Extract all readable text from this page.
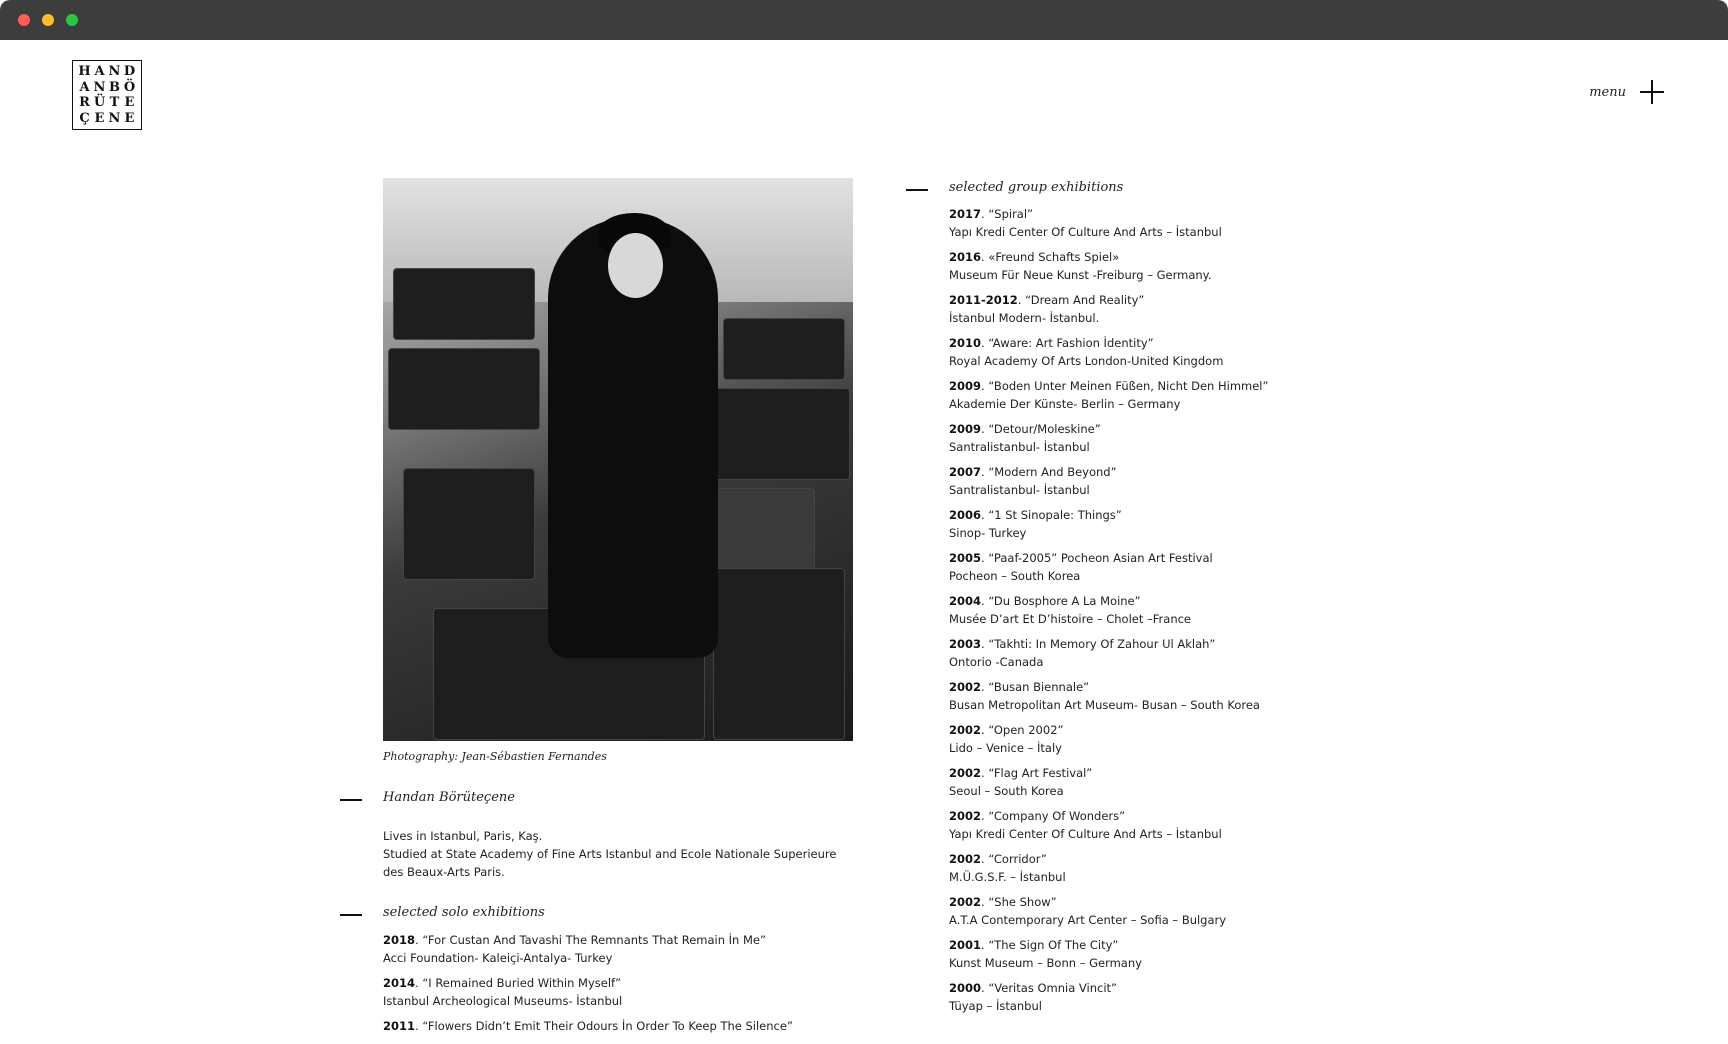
H A N D
A N B Ö
R Ü T E
Ç E N E
menu
Photography: Jean-Sébastien Fernandes
Handan Börüteçene

Lives in Istanbul, Paris, Kaş.

Studied at State Academy of Fine Arts Istanbul and Ecole Nationale Superieure des Beaux-Arts Paris.

selected solo exhibitions
2018. “For Custan And Tavashi The Remnants That Remain İn Me”
Acci Foundation- Kaleiçi-Antalya- Turkey
2014. “I Remained Buried Within Myself”
Istanbul Archeological Museums- İstanbul
2011. “Flowers Didn’t Emit Their Odours İn Order To Keep The Silence”
selected group exhibitions
2017. “Spiral”
Yapı Kredi Center Of Culture And Arts – İstanbul
2016. «Freund Schafts Spiel»
Museum Für Neue Kunst -Freiburg – Germany.
2011-2012. “Dream And Reality”
İstanbul Modern- İstanbul.
2010. “Aware: Art Fashion İdentity”
Royal Academy Of Arts London-United Kingdom
2009. “Boden Unter Meinen Füßen, Nicht Den Himmel”
Akademie Der Künste- Berlin – Germany
2009. “Detour/Moleskine”
Santralistanbul- İstanbul
2007. “Modern And Beyond”
Santralistanbul- İstanbul
2006. “1 St Sinopale: Things”
Sinop- Turkey
2005. “Paaf-2005” Pocheon Asian Art Festival
Pocheon – South Korea
2004. “Du Bosphore A La Moine”
Musée D’art Et D’histoire – Cholet –France
2003. “Takhti: In Memory Of Zahour Ul Aklah”
Ontorio -Canada
2002. “Busan Biennale”
Busan Metropolitan Art Museum- Busan – South Korea
2002. “Open 2002”
Lido – Venice – İtaly
2002. “Flag Art Festival”
Seoul – South Korea
2002. “Company Of Wonders”
Yapı Kredi Center Of Culture And Arts – İstanbul
2002. “Corridor”
M.Ü.G.S.F. – İstanbul
2002. “She Show”
A.T.A Contemporary Art Center – Sofia – Bulgary
2001. “The Sign Of The City”
Kunst Museum – Bonn – Germany
2000. “Veritas Omnia Vincit”
Tüyap – İstanbul
